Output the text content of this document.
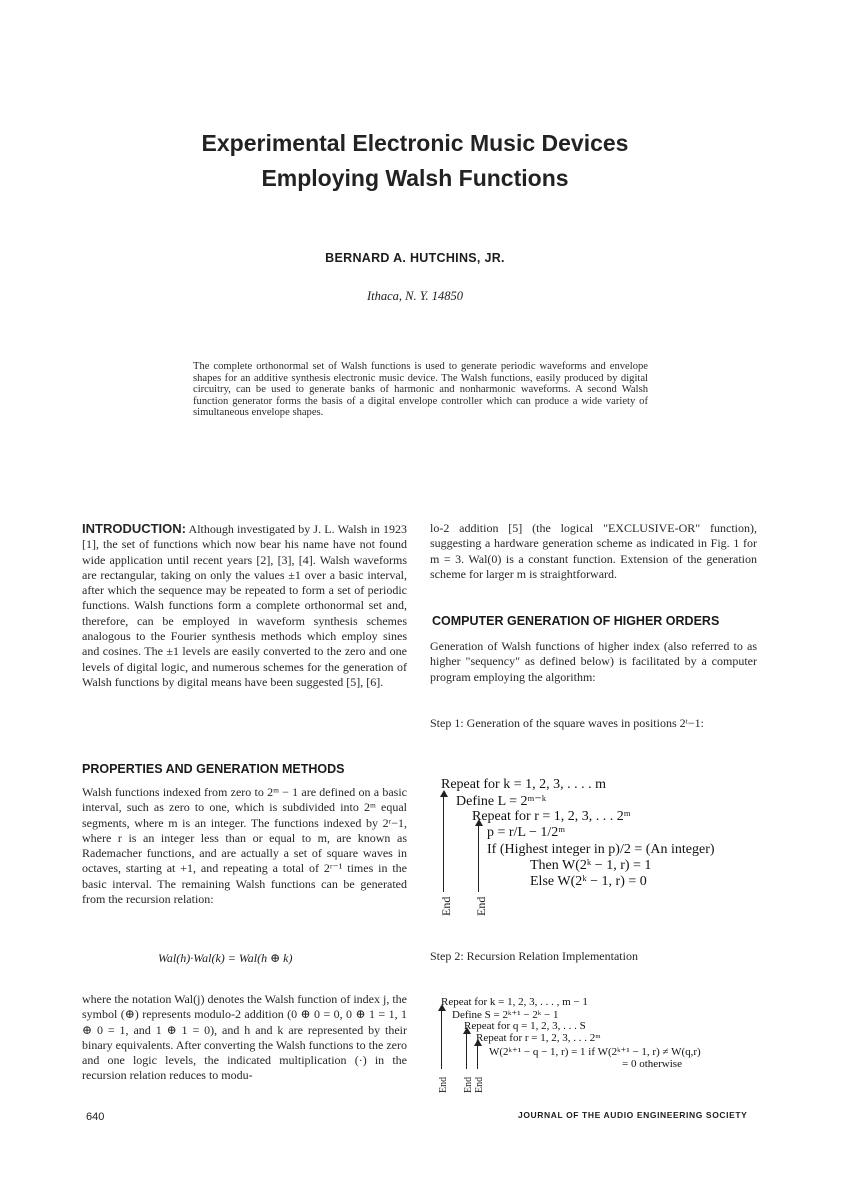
Experimental Electronic Music Devices
Employing Walsh Functions
BERNARD A. HUTCHINS, JR.
Ithaca, N. Y. 14850
The complete orthonormal set of Walsh functions is used to generate periodic waveforms and envelope shapes for an additive synthesis electronic music device. The Walsh functions, easily produced by digital circuitry, can be used to generate banks of harmonic and nonharmonic waveforms. A second Walsh function generator forms the basis of a digital envelope controller which can produce a wide variety of simultaneous envelope shapes.

INTRODUCTION: Although investigated by J. L. Walsh in 1923 [1], the set of functions which now bear his name have not found wide application until recent years [2], [3], [4]. Walsh waveforms are rectangular, taking on only the values ±1 over a basic interval, after which the sequence may be repeated to form a set of periodic functions. Walsh functions form a complete orthonormal set and, therefore, can be employed in waveform synthesis schemes analogous to the Fourier synthesis methods which employ sines and cosines. The ±1 levels are easily converted to the zero and one levels of digital logic, and numerous schemes for the generation of Walsh functions by digital means have been suggested [5], [6].

PROPERTIES AND GENERATION METHODS
Walsh functions indexed from zero to 2ᵐ − 1 are defined on a basic interval, such as zero to one, which is subdivided into 2ᵐ equal segments, where m is an integer. The functions indexed by 2ʳ−1, where r is an integer less than or equal to m, are known as Rademacher functions, and are actually a set of square waves in octaves, starting at +1, and repeating a total of 2ʳ⁻¹ times in the basic interval. The remaining Walsh functions can be generated from the recursion relation:
Wal(h)·Wal(k) = Wal(h ⊕ k)
where the notation Wal(j) denotes the Walsh function of index j, the symbol (⊕) represents modulo-2 addition (0 ⊕ 0 = 0, 0 ⊕ 1 = 1, 1 ⊕ 0 = 1, and 1 ⊕ 1 = 0), and h and k are represented by their binary equivalents. After converting the Walsh functions to the zero and one logic levels, the indicated multiplication (·) in the recursion relation reduces to modu-
lo-2 addition [5] (the logical "EXCLUSIVE-OR" function), suggesting a hardware generation scheme as indicated in Fig. 1 for m = 3. Wal(0) is a constant function. Extension of the generation scheme for larger m is straightforward.
COMPUTER GENERATION OF HIGHER ORDERS
Generation of Walsh functions of higher index (also referred to as higher "sequency" as defined below) is facilitated by a computer program employing the algorithm:
Step 1: Generation of the square waves in positions 2ᵗ−1:
End End
Repeat for k = 1, 2, 3, . . . . m
Define L = 2ᵐ⁻ᵏ
Repeat for r = 1, 2, 3, . . . 2ᵐ
p = r/L − 1/2ᵐ
If (Highest integer in p)/2 = (An integer)
Then W(2ᵏ − 1, r) = 1
Else W(2ᵏ − 1, r) = 0
Step 2: Recursion Relation Implementation
End End End
Repeat for k = 1, 2, 3, . . . , m − 1
Define S = 2ᵏ⁺¹ − 2ᵏ − 1
Repeat for q = 1, 2, 3, . . . S
Repeat for r = 1, 2, 3, . . . 2ᵐ
W(2ᵏ⁺¹ − q − 1, r) = 1 if W(2ᵏ⁺¹ − 1, r) ≠ W(q,r)
= 0 otherwise
640	JOURNAL OF THE AUDIO ENGINEERING SOCIETY
